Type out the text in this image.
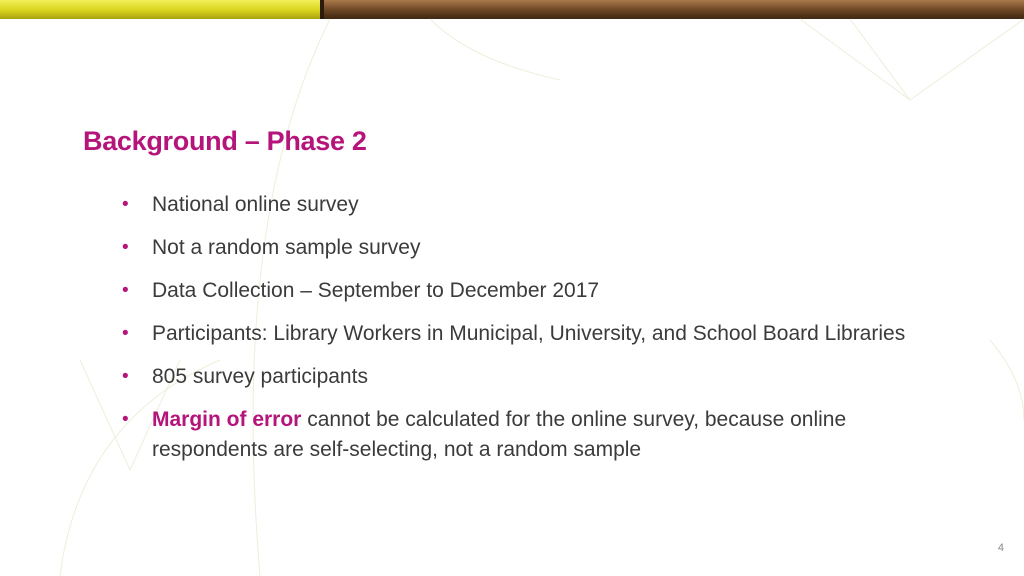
Background – Phase 2
• National online survey
• Not a random sample survey
• Data Collection – September to December 2017
• Participants: Library Workers in Municipal, University, and School Board Libraries
• 805 survey participants
• Margin of error cannot be calculated for the online survey, because online respondents are self-selecting, not a random sample
4
